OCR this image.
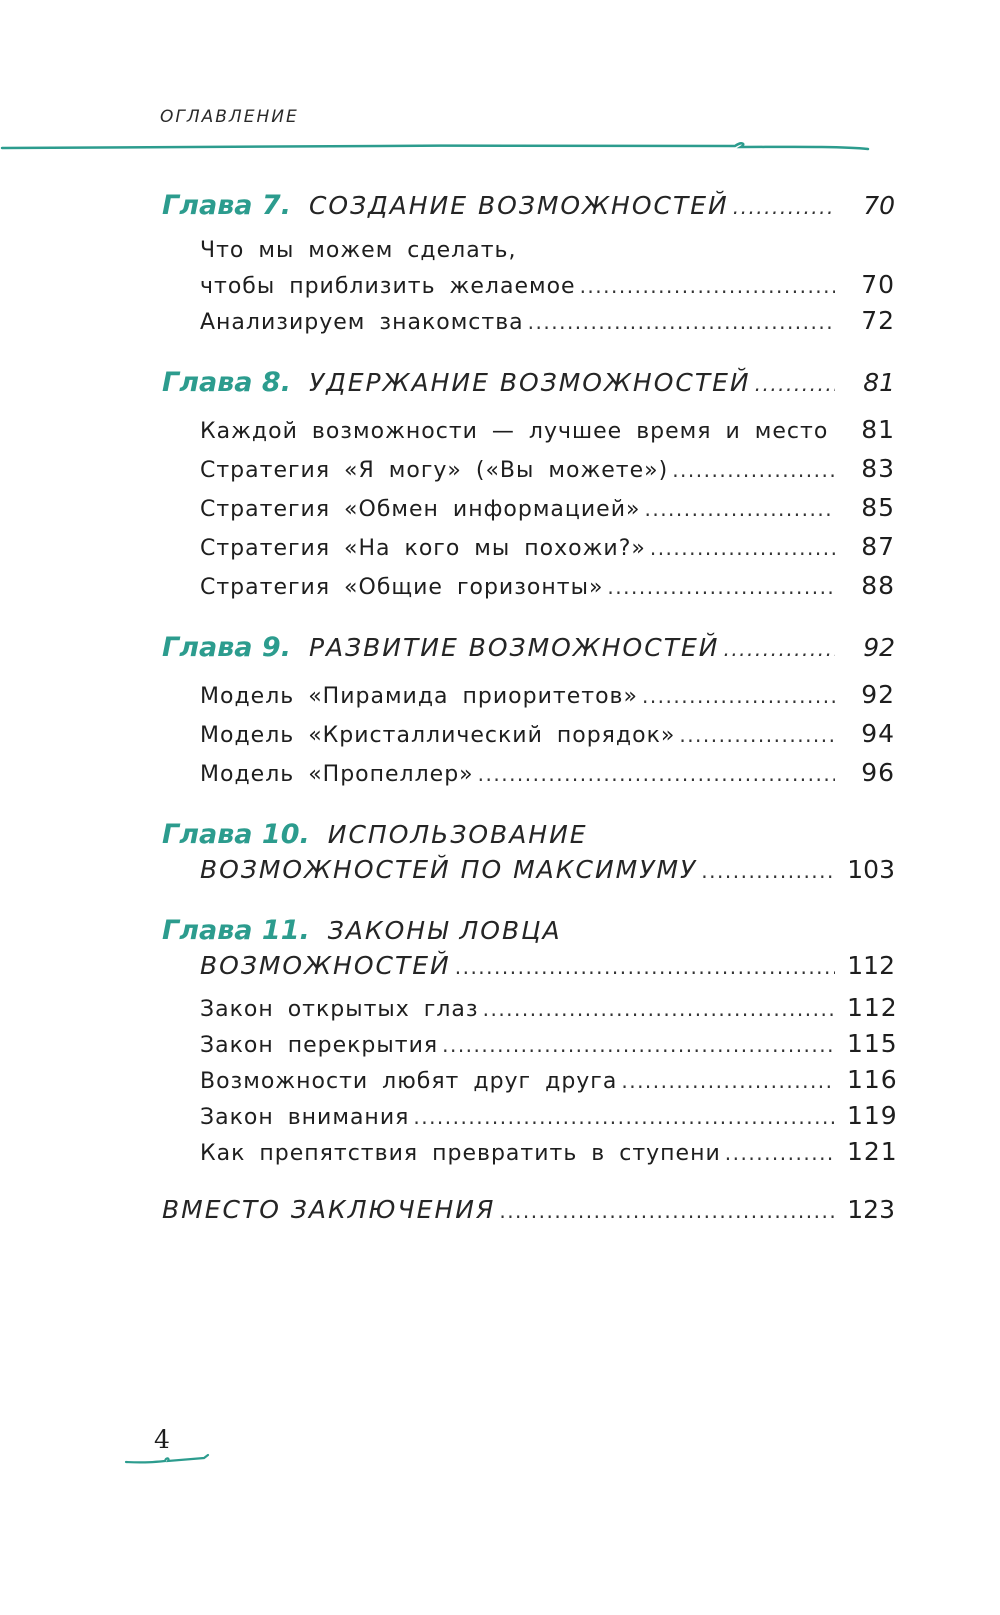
ОГЛАВЛЕНИЕ
Глава 7. СОЗДАНИЕ ВОЗМОЖНОСТЕЙ .....	70
Что мы можем сделать,
чтобы приблизить желаемое .....	70
Анализируем знакомства .....	72
Глава 8. УДЕРЖАНИЕ ВОЗМОЖНОСТЕЙ .....	81
Каждой возможности — лучшее время и место 81
Стратегия «Я могу» («Вы можете») .....	83
Стратегия «Обмен информацией» .....	85
Стратегия «На кого мы похожи?» .....	87
Стратегия «Общие горизонты» .....	88
Глава 9. РАЗВИТИЕ ВОЗМОЖНОСТЕЙ .....	92
Модель «Пирамида приоритетов» .....	92
Модель «Кристаллический порядок» .....	94
Модель «Пропеллер» .....	96
Глава 10. ИСПОЛЬЗОВАНИЕ
ВОЗМОЖНОСТЕЙ ПО МАКСИМУМУ .....	103
Глава 11. ЗАКОНЫ ЛОВЦА
ВОЗМОЖНОСТЕЙ .....	112
Закон открытых глаз .....	112
Закон перекрытия .....	115
Возможности любят друг друга .....	116
Закон внимания .....	119
Как препятствия превратить в ступени .....	121
ВМЕСТО ЗАКЛЮЧЕНИЯ .....	123
4
